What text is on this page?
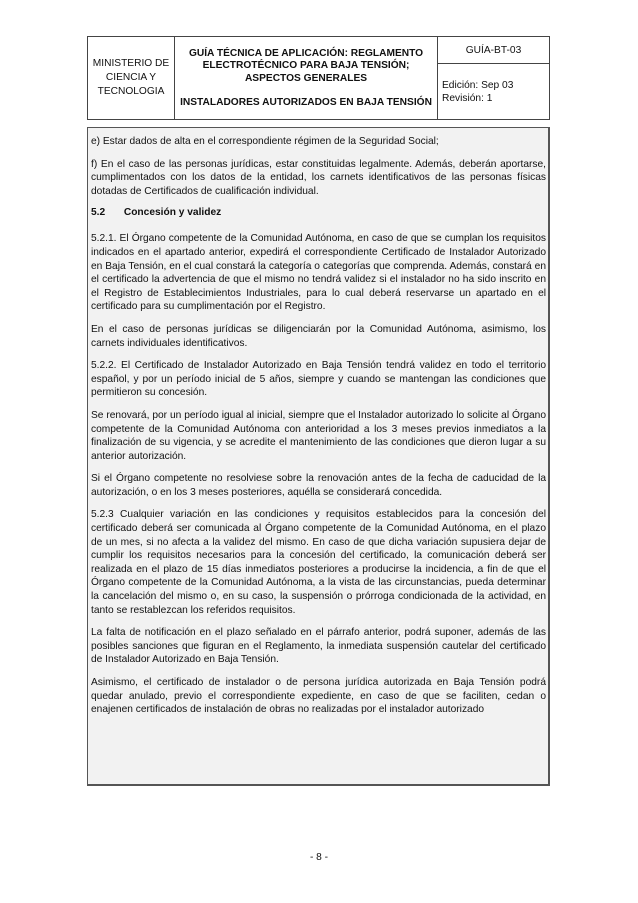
MINISTERIO DE CIENCIA Y TECNOLOGIA	
GUÍA TÉCNICA DE APLICACIÓN: REGLAMENTO ELECTROTÉCNICO PARA BAJA TENSIÓN; ASPECTOS GENERALES
INSTALADORES AUTORIZADOS EN BAJA TENSIÓN
	GUÍA-BT-03

Edición: Sep 03
Revisión: 1

e) Estar dados de alta en el correspondiente régimen de la Seguridad Social;

f) En el caso de las personas jurídicas, estar constituidas legalmente. Además, deberán aportarse, cumplimentados con los datos de la entidad, los carnets identificativos de las personas físicas dotadas de Certificados de cualificación individual.

5.2 Concesión y validez

5.2.1. El Órgano competente de la Comunidad Autónoma, en caso de que se cumplan los requisitos indicados en el apartado anterior, expedirá el correspondiente Certificado de Instalador Autorizado en Baja Tensión, en el cual constará la categoría o categorías que comprenda. Además, constará en el certificado la advertencia de que el mismo no tendrá validez si el instalador no ha sido inscrito en el Registro de Establecimientos Industriales, para lo cual deberá reservarse un apartado en el certificado para su cumplimentación por el Registro.

En el caso de personas jurídicas se diligenciarán por la Comunidad Autónoma, asimismo, los carnets individuales identificativos.

5.2.2. El Certificado de Instalador Autorizado en Baja Tensión tendrá validez en todo el territorio español, y por un período inicial de 5 años, siempre y cuando se mantengan las condiciones que permitieron su concesión.

Se renovará, por un período igual al inicial, siempre que el Instalador autorizado lo solicite al Órgano competente de la Comunidad Autónoma con anterioridad a los 3 meses previos inmediatos a la finalización de su vigencia, y se acredite el mantenimiento de las condiciones que dieron lugar a su anterior autorización.

Si el Órgano competente no resolviese sobre la renovación antes de la fecha de caducidad de la autorización, o en los 3 meses posteriores, aquélla se considerará concedida.

5.2.3 Cualquier variación en las condiciones y requisitos establecidos para la concesión del certificado deberá ser comunicada al Órgano competente de la Comunidad Autónoma, en el plazo de un mes, si no afecta a la validez del mismo. En caso de que dicha variación supusiera dejar de cumplir los requisitos necesarios para la concesión del certificado, la comunicación deberá ser realizada en el plazo de 15 días inmediatos posteriores a producirse la incidencia, a fin de que el Órgano competente de la Comunidad Autónoma, a la vista de las circunstancias, pueda determinar la cancelación del mismo o, en su caso, la suspensión o prórroga condicionada de la actividad, en tanto se restablezcan los referidos requisitos.

La falta de notificación en el plazo señalado en el párrafo anterior, podrá suponer, además de las posibles sanciones que figuran en el Reglamento, la inmediata suspensión cautelar del certificado de Instalador Autorizado en Baja Tensión.

Asimismo, el certificado de instalador o de persona jurídica autorizada en Baja Tensión podrá quedar anulado, previo el correspondiente expediente, en caso de que se faciliten, cedan o enajenen certificados de instalación de obras no realizadas por el instalador autorizado

- 8 -
